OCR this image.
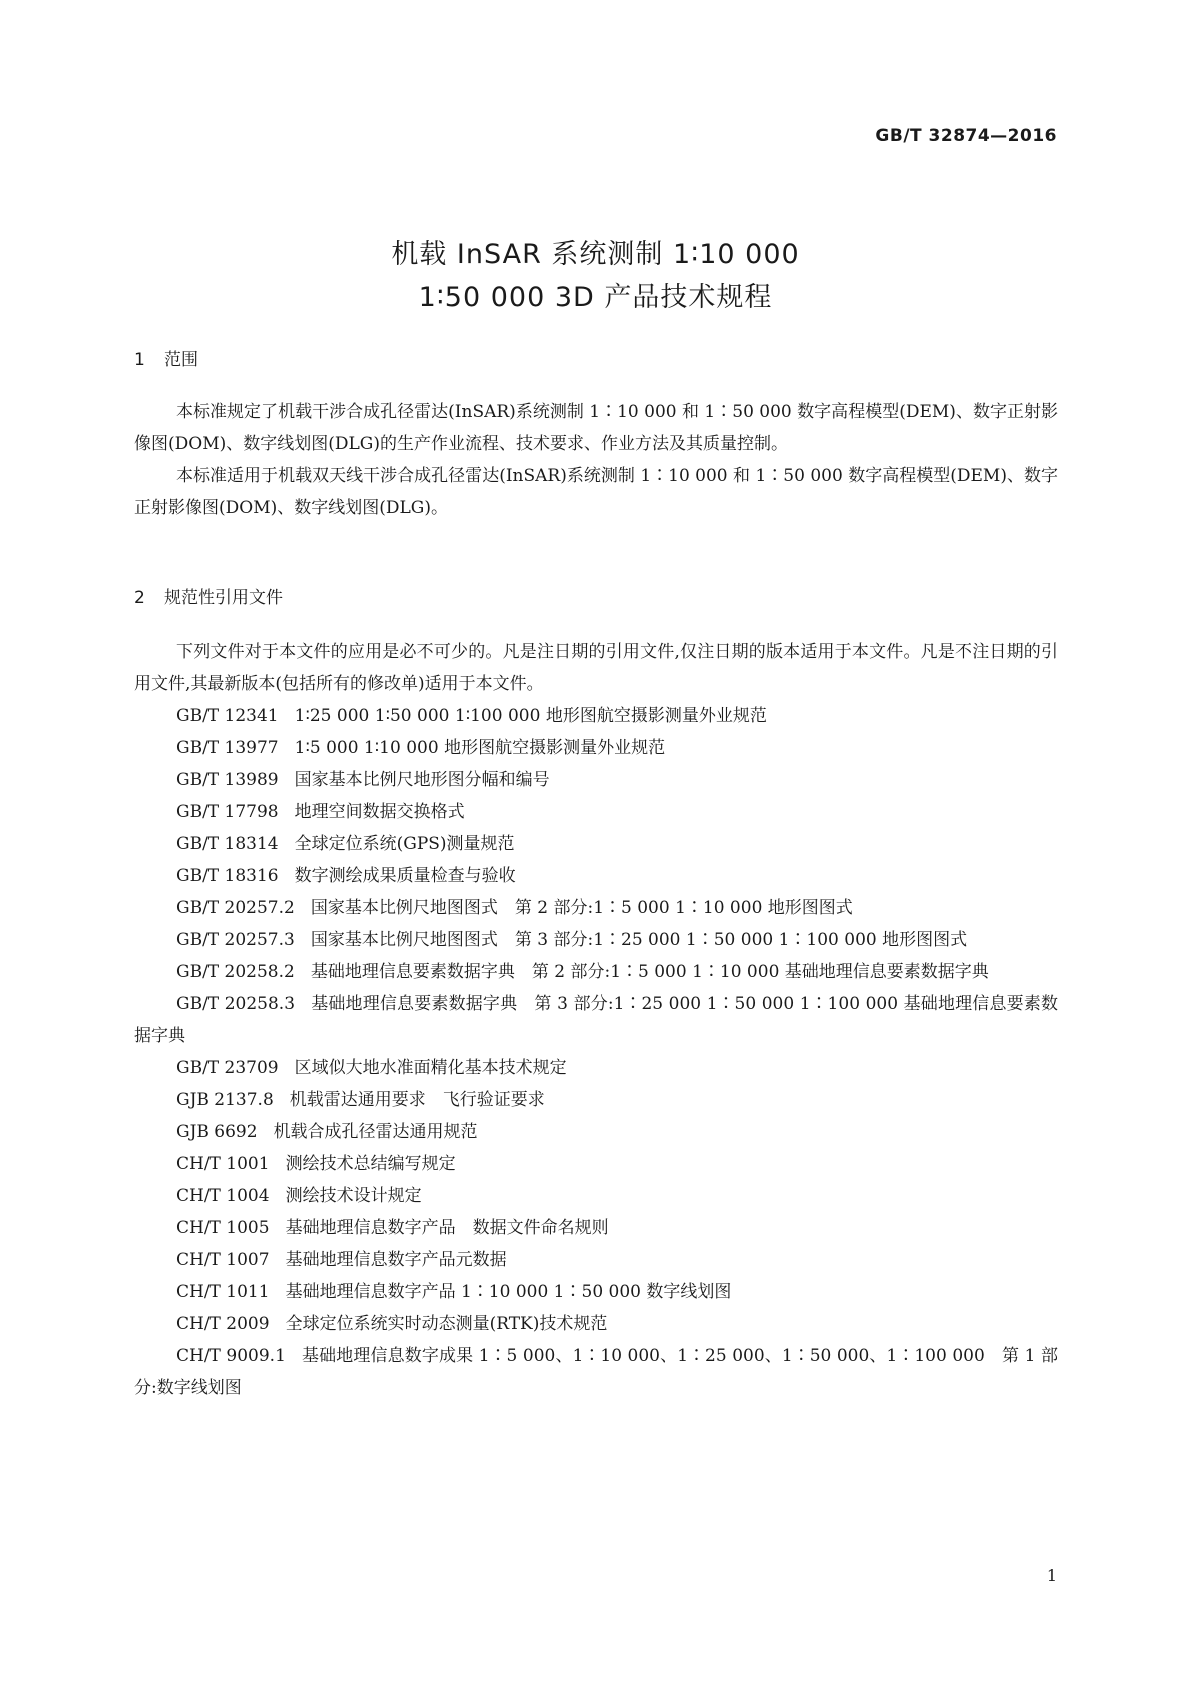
GB/T 32874—2016
机载 InSAR 系统测制 1∶10 000
1∶50 000 3D 产品技术规程
1 范围

本标准规定了机载干涉合成孔径雷达(InSAR)系统测制 1∶10 000 和 1∶50 000 数字高程模型(DEM)、数字正射影像图(DOM)、数字线划图(DLG)的生产作业流程、技术要求、作业方法及其质量控制。

本标准适用于机载双天线干涉合成孔径雷达(InSAR)系统测制 1∶10 000 和 1∶50 000 数字高程模型(DEM)、数字正射影像图(DOM)、数字线划图(DLG)。

2 规范性引用文件

下列文件对于本文件的应用是必不可少的。凡是注日期的引用文件,仅注日期的版本适用于本文件。凡是不注日期的引用文件,其最新版本(包括所有的修改单)适用于本文件。

GB/T 12341 1∶25 000 1∶50 000 1∶100 000 地形图航空摄影测量外业规范

GB/T 13977 1∶5 000 1∶10 000 地形图航空摄影测量外业规范

GB/T 13989 国家基本比例尺地形图分幅和编号

GB/T 17798 地理空间数据交换格式

GB/T 18314 全球定位系统(GPS)测量规范

GB/T 18316 数字测绘成果质量检查与验收

GB/T 20257.2 国家基本比例尺地图图式　第 2 部分:1∶5 000 1∶10 000 地形图图式

GB/T 20257.3 国家基本比例尺地图图式　第 3 部分:1∶25 000 1∶50 000 1∶100 000 地形图图式

GB/T 20258.2 基础地理信息要素数据字典　第 2 部分:1∶5 000 1∶10 000 基础地理信息要素数据字典

GB/T 20258.3 基础地理信息要素数据字典　第 3 部分:1∶25 000 1∶50 000 1∶100 000 基础地理信息要素数据字典

GB/T 23709 区域似大地水准面精化基本技术规定

GJB 2137.8 机载雷达通用要求　飞行验证要求

GJB 6692 机载合成孔径雷达通用规范

CH/T 1001 测绘技术总结编写规定

CH/T 1004 测绘技术设计规定

CH/T 1005 基础地理信息数字产品　数据文件命名规则

CH/T 1007 基础地理信息数字产品元数据

CH/T 1011 基础地理信息数字产品 1∶10 000 1∶50 000 数字线划图

CH/T 2009 全球定位系统实时动态测量(RTK)技术规范

CH/T 9009.1 基础地理信息数字成果 1∶5 000、1∶10 000、1∶25 000、1∶50 000、1∶100 000　第 1 部分:数字线划图

1
